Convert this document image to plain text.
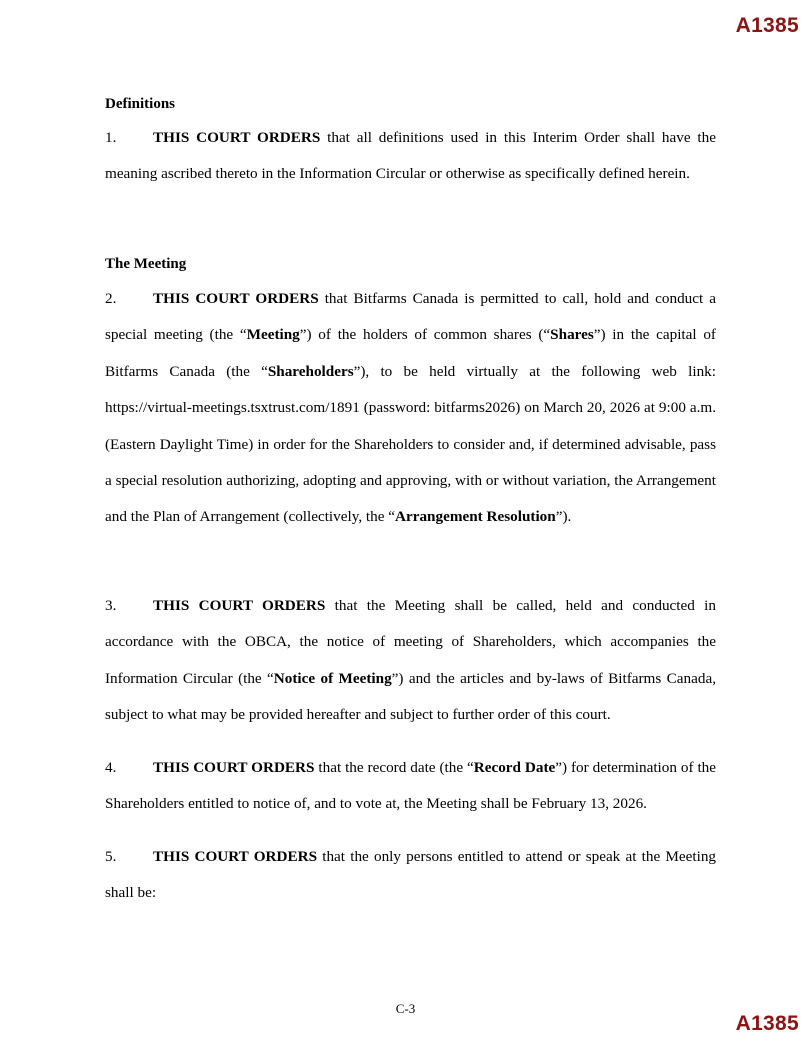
A1385
Definitions

1. THIS COURT ORDERS that all definitions used in this Interim Order shall have the meaning ascribed thereto in the Information Circular or otherwise as specifically defined herein.

The Meeting

2. THIS COURT ORDERS that Bitfarms Canada is permitted to call, hold and conduct a special meeting (the “Meeting”) of the holders of common shares (“Shares”) in the capital of Bitfarms Canada (the “Shareholders”), to be held virtually at the following web link: https://virtual-meetings.tsxtrust.com/1891 (password: bitfarms2026) on March 20, 2026 at 9:00 a.m. (Eastern Daylight Time) in order for the Shareholders to consider and, if determined advisable, pass a special resolution authorizing, adopting and approving, with or without variation, the Arrangement and the Plan of Arrangement (collectively, the “Arrangement Resolution”).

3. THIS COURT ORDERS that the Meeting shall be called, held and conducted in accordance with the OBCA, the notice of meeting of Shareholders, which accompanies the Information Circular (the “Notice of Meeting”) and the articles and by-laws of Bitfarms Canada, subject to what may be provided hereafter and subject to further order of this court.

4. THIS COURT ORDERS that the record date (the “Record Date”) for determination of the Shareholders entitled to notice of, and to vote at, the Meeting shall be February 13, 2026.

5. THIS COURT ORDERS that the only persons entitled to attend or speak at the Meeting shall be:

C-3
A1385
